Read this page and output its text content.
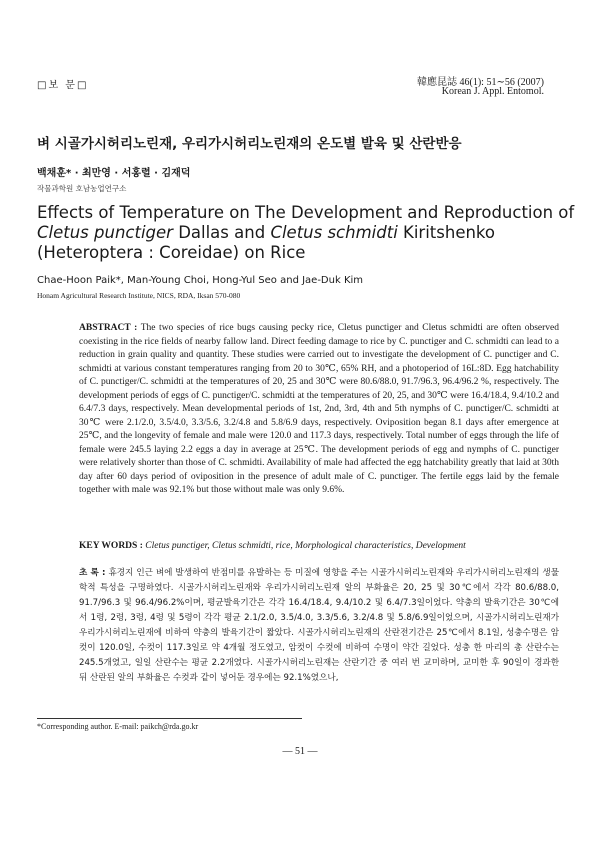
□보 문□	韓應昆誌 46(1): 51∼56 (2007)
Korean J. Appl. Entomol.
벼 시골가시허리노린재, 우리가시허리노린재의 온도별 발육 및 산란반응
백채훈* · 최만영 · 서홍렬 · 김재덕
작물과학원 호남농업연구소
Effects of Temperature on The Development and Reproduction of Cletus punctiger Dallas and Cletus schmidti Kiritshenko (Heteroptera : Coreidae) on Rice
Chae-Hoon Paik*, Man-Young Choi, Hong-Yul Seo and Jae-Duk Kim
Honam Agricultural Research Institute, NICS, RDA, Iksan 570-080
ABSTRACT : The two species of rice bugs causing pecky rice, Cletus punctiger and Cletus schmidti are often observed coexisting in the rice fields of nearby fallow land. Direct feeding damage to rice by C. punctiger and C. schmidti can lead to a reduction in grain quality and quantity. These studies were carried out to investigate the development of C. punctiger and C. schmidti at various constant temperatures ranging from 20 to 30℃, 65% RH, and a photoperiod of 16L:8D. Egg hatchability of C. punctiger/C. schmidti at the temperatures of 20, 25 and 30℃ were 80.6/88.0, 91.7/96.3, 96.4/96.2 %, respectively. The development periods of eggs of C. punctiger/C. schmidti at the temperatures of 20, 25, and 30℃ were 16.4/18.4, 9.4/10.2 and 6.4/7.3 days, respectively. Mean developmental periods of 1st, 2nd, 3rd, 4th and 5th nymphs of C. punctiger/C. schmidti at 30℃ were 2.1/2.0, 3.5/4.0, 3.3/5.6, 3.2/4.8 and 5.8/6.9 days, respectively. Oviposition began 8.1 days after emergence at 25℃, and the longevity of female and male were 120.0 and 117.3 days, respectively. Total number of eggs through the life of female were 245.5 laying 2.2 eggs a day in average at 25℃. The development periods of egg and nymphs of C. punctiger were relatively shorter than those of C. schmidti. Availability of male had affected the egg hatchability greatly that laid at 30th day after 60 days period of oviposition in the presence of adult male of C. punctiger. The fertile eggs laid by the female together with male was 92.1% but those without male was only 9.6%.
KEY WORDS : Cletus punctiger, Cletus schmidti, rice, Morphological characteristics, Development
초 록 : 휴경지 인근 벼에 발생하여 반점미를 유발하는 등 미질에 영향을 주는 시골가시허리노린재와 우리가시허리노린재의 생물학적 특성을 구명하였다. 시골가시허리노린재와 우리가시허리노린재 알의 부화율은 20, 25 및 30℃에서 각각 80.6/88.0, 91.7/96.3 및 96.4/96.2%이며, 평균발육기간은 각각 16.4/18.4, 9.4/10.2 및 6.4/7.3일이었다. 약충의 발육기간은 30℃에서 1령, 2령, 3령, 4령 및 5령이 각각 평균 2.1/2.0, 3.5/4.0, 3.3/5.6, 3.2/4.8 및 5.8/6.9일이었으며, 시골가시허리노린재가 우리가시허리노린재에 비하여 약충의 발육기간이 짧았다. 시골가시허리노린재의 산란전기간은 25℃에서 8.1일, 성충수명은 암컷이 120.0일, 수컷이 117.3일로 약 4개월 정도였고, 암컷이 수컷에 비하여 수명이 약간 길었다. 성충 한 마리의 총 산란수는 245.5개였고, 일일 산란수는 평균 2.2개였다. 시골가시허리노린재는 산란기간 중 여러 번 교미하며, 교미한 후 90일이 경과한 뒤 산란된 알의 부화율은 수컷과 같이 넣어둔 경우에는 92.1%였으나,
*Corresponding author. E-mail: paikch@rda.go.kr
— 51 —
